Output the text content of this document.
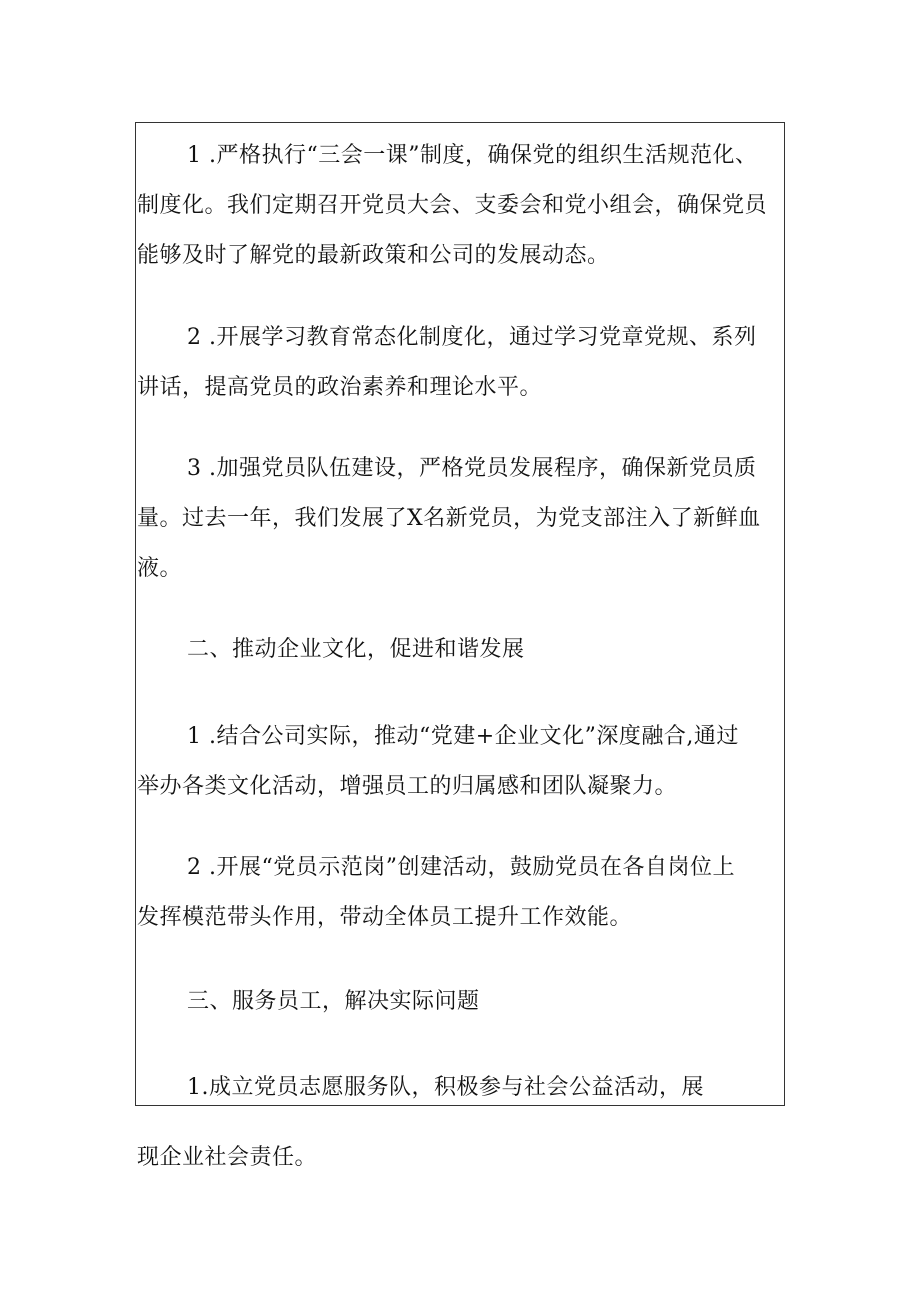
1 .严格执行“三会一课”制度，确保党的组织生活规范化、
制度化。我们定期召开党员大会、支委会和党小组会，确保党员
能够及时了解党的最新政策和公司的发展动态。

2 .开展学习教育常态化制度化，通过学习党章党规、系列
讲话，提高党员的政治素养和理论水平。

3 .加强党员队伍建设，严格党员发展程序，确保新党员质
量。过去一年，我们发展了X名新党员，为党支部注入了新鲜血
液。

二、推动企业文化，促进和谐发展

1 .结合公司实际，推动“党建+企业文化”深度融合,通过
举办各类文化活动，增强员工的归属感和团队凝聚力。

2 .开展“党员示范岗”创建活动，鼓励党员在各自岗位上
发挥模范带头作用，带动全体员工提升工作效能。

三、服务员工，解决实际问题

1.成立党员志愿服务队，积极参与社会公益活动，展

现企业社会责任。
